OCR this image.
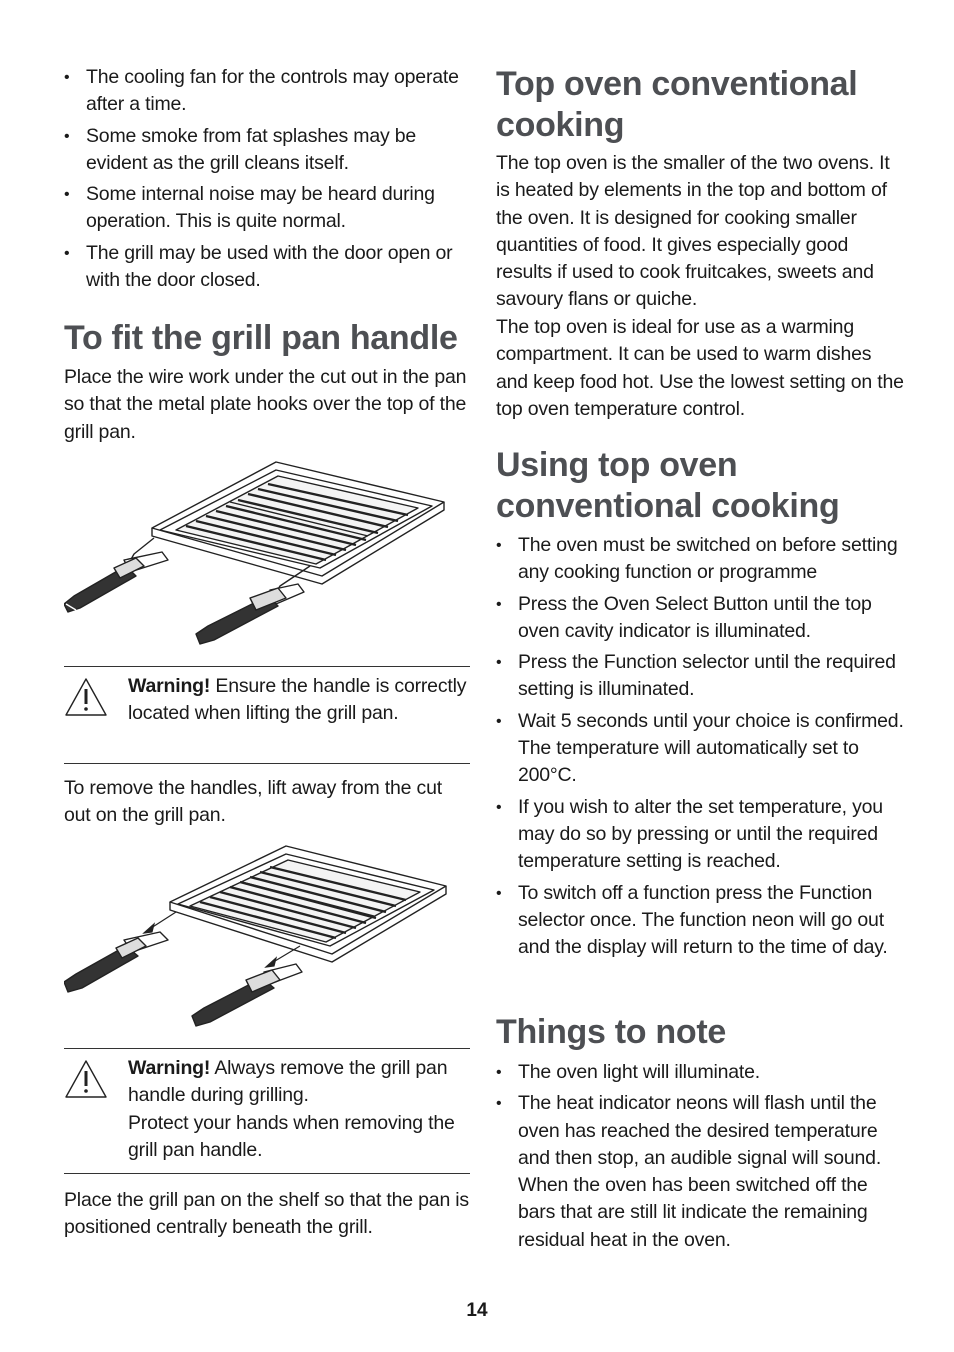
• The cooling fan for the controls may operate after a time.
• Some smoke from fat splashes may be evident as the grill cleans itself.
• Some internal noise may be heard during operation. This is quite normal.
• The grill may be used with the door open or with the door closed.
To fit the grill pan handle

Place the wire work under the cut out in the pan so that the metal plate hooks over the top of the grill pan.

Warning! Ensure the handle is correctly located when lifting the grill pan.

To remove the handles, lift away from the cut out on the grill pan.

Warning! Always remove the grill pan handle during grilling.

Protect your hands when removing the grill pan handle.

Place the grill pan on the shelf so that the pan is positioned centrally beneath the grill.

Top oven conventional cooking

The top oven is the smaller of the two ovens. It is heated by elements in the top and bottom of the oven. It is designed for cooking smaller quantities of food. It gives especially good results if used to cook fruitcakes, sweets and savoury flans or quiche.

The top oven is ideal for use as a warming compartment. It can be used to warm dishes and keep food hot. Use the lowest setting on the top oven temperature control.

Using top oven conventional cooking
• The oven must be switched on before setting any cooking function or programme
• Press the Oven Select Button until the top oven cavity indicator is illuminated.
• Press the Function selector until the required setting is illuminated.
• Wait 5 seconds until your choice is confirmed. The temperature will automatically set to 200°C.
• If you wish to alter the set temperature, you may do so by pressing or until the required temperature setting is reached.
• To switch off a function press the Function selector once. The function neon will go out and the display will return to the time of day.
Things to note
• The oven light will illuminate.
• The heat indicator neons will flash until the oven has reached the desired temperature and then stop, an audible signal will sound. When the oven has been switched off the bars that are still lit indicate the remaining residual heat in the oven.
14
